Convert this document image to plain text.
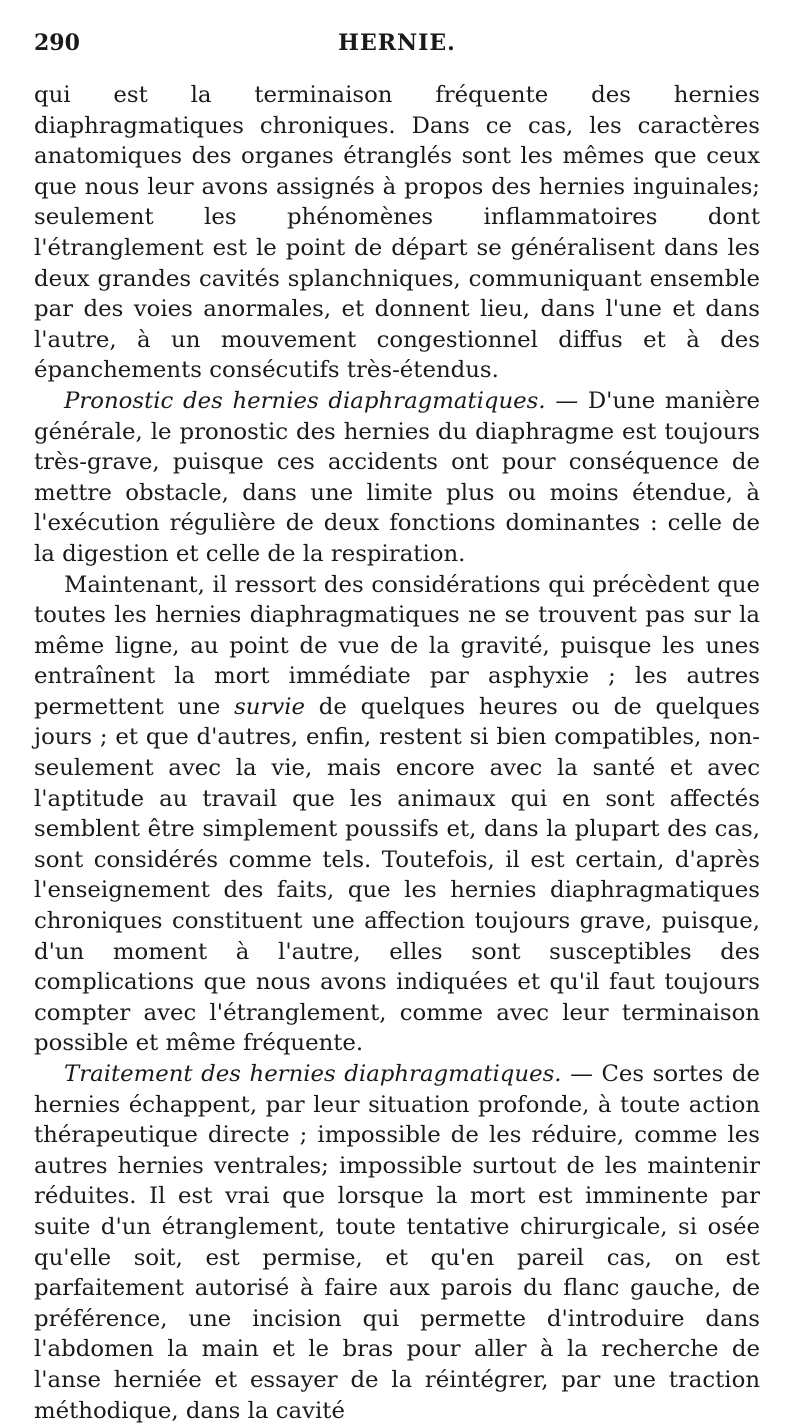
290	HERNIE.

qui est la terminaison fréquente des hernies diaphragmatiques chroniques. Dans ce cas, les caractères anatomiques des organes étranglés sont les mêmes que ceux que nous leur avons assignés à propos des hernies inguinales; seulement les phénomènes inflammatoires dont l'étranglement est le point de départ se généralisent dans les deux grandes cavités splanchniques, communiquant ensemble par des voies anormales, et donnent lieu, dans l'une et dans l'autre, à un mouvement congestionnel diffus et à des épanchements consécutifs très-étendus.

Pronostic des hernies diaphragmatiques. — D'une manière générale, le pronostic des hernies du diaphragme est toujours très-grave, puisque ces accidents ont pour conséquence de mettre obstacle, dans une limite plus ou moins étendue, à l'exécution régulière de deux fonctions dominantes : celle de la digestion et celle de la respiration.

Maintenant, il ressort des considérations qui précèdent que toutes les hernies diaphragmatiques ne se trouvent pas sur la même ligne, au point de vue de la gravité, puisque les unes entraînent la mort immédiate par asphyxie ; les autres permettent une survie de quelques heures ou de quelques jours ; et que d'autres, enfin, restent si bien compatibles, non-seulement avec la vie, mais encore avec la santé et avec l'aptitude au travail que les animaux qui en sont affectés semblent être simplement poussifs et, dans la plupart des cas, sont considérés comme tels. Toutefois, il est certain, d'après l'enseignement des faits, que les hernies diaphragmatiques chroniques constituent une affection toujours grave, puisque, d'un moment à l'autre, elles sont susceptibles des complications que nous avons indiquées et qu'il faut toujours compter avec l'étranglement, comme avec leur terminaison possible et même fréquente.

Traitement des hernies diaphragmatiques. — Ces sortes de hernies échappent, par leur situation profonde, à toute action thérapeutique directe ; impossible de les réduire, comme les autres hernies ventrales; impossible surtout de les maintenir réduites. Il est vrai que lorsque la mort est imminente par suite d'un étranglement, toute tentative chirurgicale, si osée qu'elle soit, est permise, et qu'en pareil cas, on est parfaitement autorisé à faire aux parois du flanc gauche, de préférence, une incision qui permette d'introduire dans l'abdomen la main et le bras pour aller à la recherche de l'anse herniée et essayer de la réintégrer, par une traction méthodique, dans la cavité
